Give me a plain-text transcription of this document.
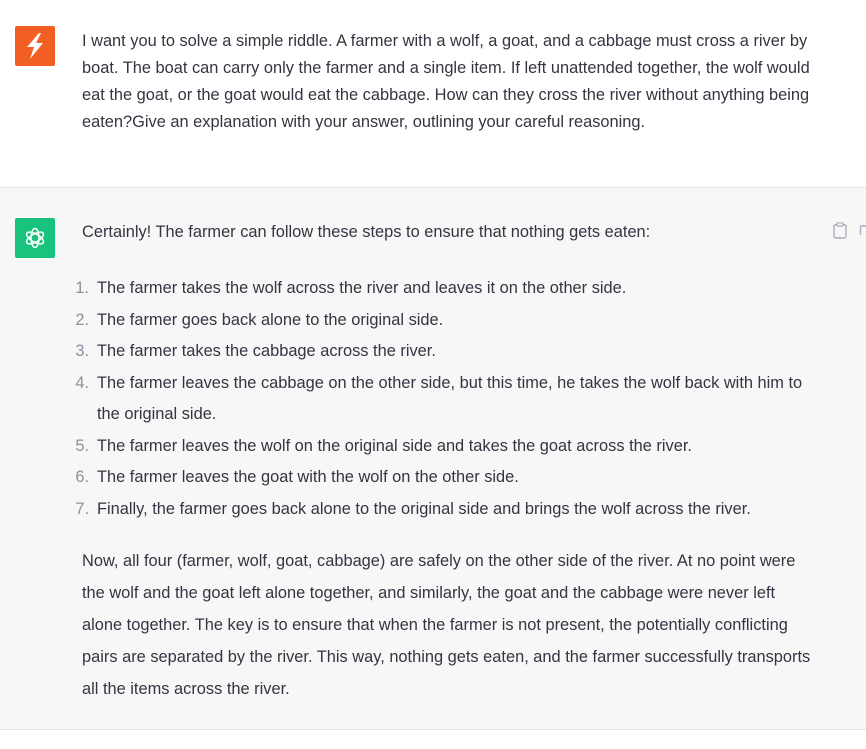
I want you to solve a simple riddle. A farmer with a wolf, a goat, and a cabbage must cross a river by boat. The boat can carry only the farmer and a single item. If left unattended together, the wolf would eat the goat, or the goat would eat the cabbage. How can they cross the river without anything being eaten?Give an explanation with your answer, outlining your careful reasoning.
Certainly! The farmer can follow these steps to ensure that nothing gets eaten:
1. The farmer takes the wolf across the river and leaves it on the other side.
2. The farmer goes back alone to the original side.
3. The farmer takes the cabbage across the river.
4. The farmer leaves the cabbage on the other side, but this time, he takes the wolf back with him to the original side.
5. The farmer leaves the wolf on the original side and takes the goat across the river.
6. The farmer leaves the goat with the wolf on the other side.
7. Finally, the farmer goes back alone to the original side and brings the wolf across the river.
Now, all four (farmer, wolf, goat, cabbage) are safely on the other side of the river. At no point were the wolf and the goat left alone together, and similarly, the goat and the cabbage were never left alone together. The key is to ensure that when the farmer is not present, the potentially conflicting pairs are separated by the river. This way, nothing gets eaten, and the farmer successfully transports all the items across the river.
